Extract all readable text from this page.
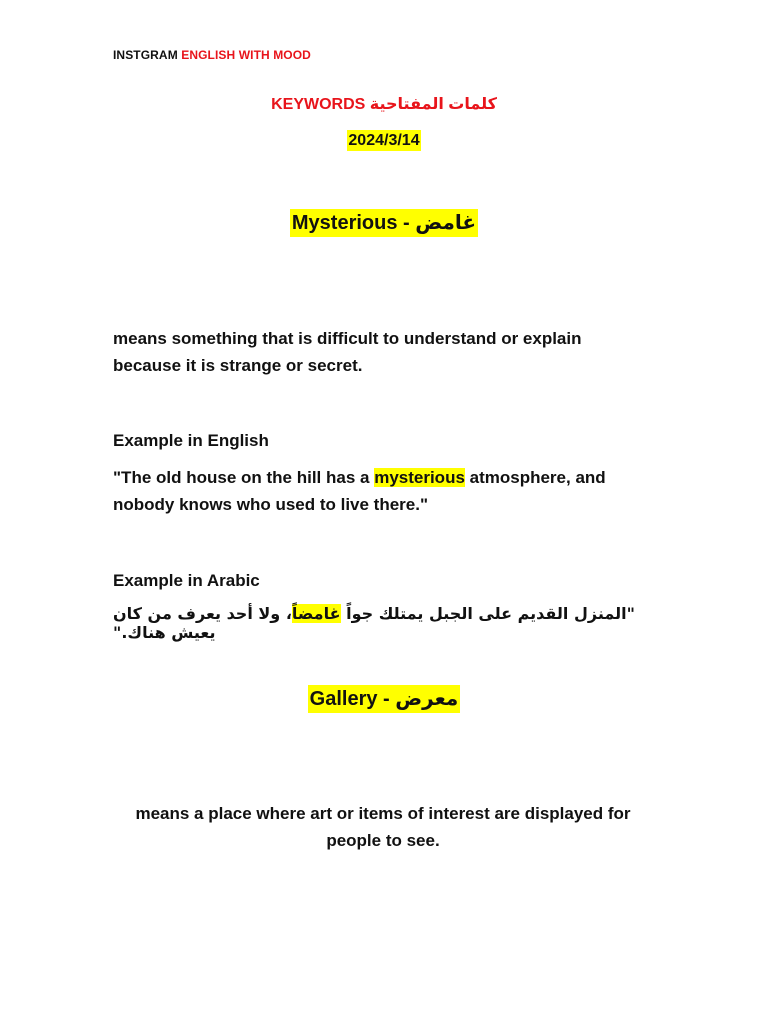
INSTGRAM ENGLISH WITH MOOD
KEYWORDS كلمات المفتاحية
2024/3/14
Mysterious - غامض
means something that is difficult to understand or explain because it is strange or secret.
Example in English
"The old house on the hill has a mysterious atmosphere, and nobody knows who used to live there."
Example in Arabic
"المنزل القديم على الجبل يمتلك جواً غامضاً، ولا أحد يعرف من كان يعيش هناك."
Gallery - معرض
means a place where art or items of interest are displayed for people to see.
